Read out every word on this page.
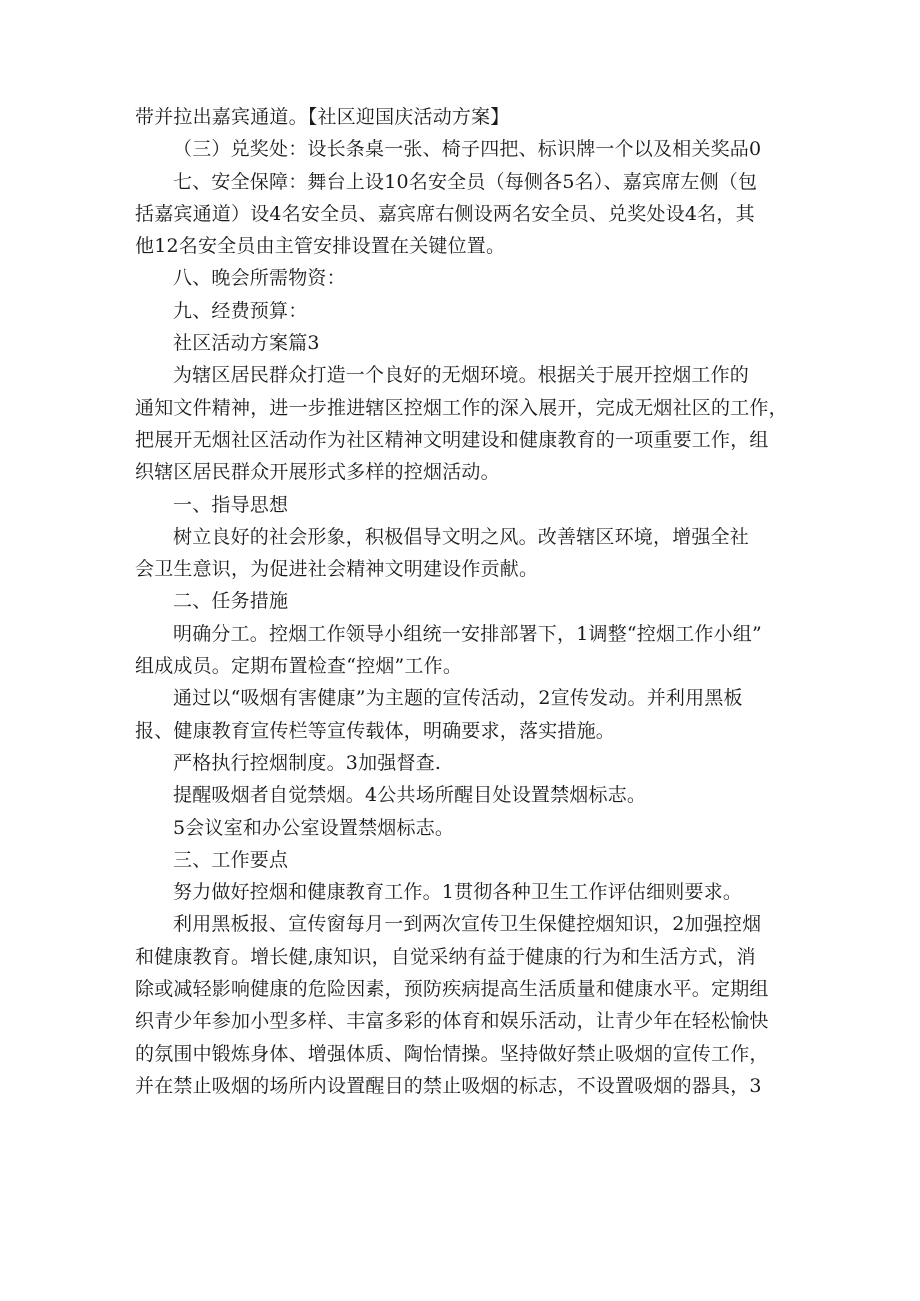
带并拉出嘉宾通道。【社区迎国庆活动方案】
（三）兑奖处：设长条桌一张、椅子四把、标识牌一个以及相关奖品0
七、安全保障：舞台上设10名安全员（每侧各5名）、嘉宾席左侧（包
括嘉宾通道）设4名安全员、嘉宾席右侧设两名安全员、兑奖处设4名，其
他12名安全员由主管安排设置在关键位置。
八、晚会所需物资：
九、经费预算：
社区活动方案篇3
为辖区居民群众打造一个良好的无烟环境。根据关于展开控烟工作的
通知文件精神，进一步推进辖区控烟工作的深入展开，完成无烟社区的工作，
把展开无烟社区活动作为社区精神文明建设和健康教育的一项重要工作，组
织辖区居民群众开展形式多样的控烟活动。
一、指导思想
树立良好的社会形象，积极倡导文明之风。改善辖区环境，增强全社
会卫生意识，为促进社会精神文明建设作贡献。
二、任务措施
明确分工。控烟工作领导小组统一安排部署下，1调整“控烟工作小组”
组成成员。定期布置检查“控烟”工作。
通过以“吸烟有害健康”为主题的宣传活动，2宣传发动。并利用黑板
报、健康教育宣传栏等宣传载体，明确要求，落实措施。
严格执行控烟制度。3加强督查.
提醒吸烟者自觉禁烟。4公共场所醒目处设置禁烟标志。
5会议室和办公室设置禁烟标志。
三、工作要点
努力做好控烟和健康教育工作。1贯彻各种卫生工作评估细则要求。
利用黑板报、宣传窗每月一到两次宣传卫生保健控烟知识，2加强控烟
和健康教育。增长健,康知识，自觉采纳有益于健康的行为和生活方式，消
除或减轻影响健康的危险因素，预防疾病提高生活质量和健康水平。定期组
织青少年参加小型多样、丰富多彩的体育和娱乐活动，让青少年在轻松愉快
的氛围中锻炼身体、增强体质、陶怡情操。坚持做好禁止吸烟的宣传工作，
并在禁止吸烟的场所内设置醒目的禁止吸烟的标志，不设置吸烟的器具，3
